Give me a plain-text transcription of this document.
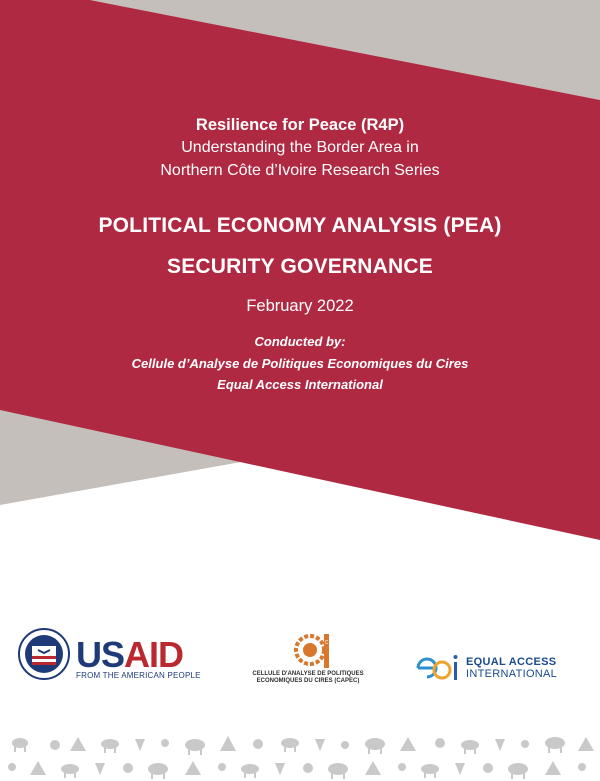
Resilience for Peace (R4P)
Understanding the Border Area in
Northern Côte d’Ivoire Research Series
POLITICAL ECONOMY ANALYSIS (PEA)
SECURITY GOVERNANCE
February 2022
Conducted by:
Cellule d’Analyse de Politiques Economiques du Cires
Equal Access International
USAID
FROM THE AMERICAN PEOPLE
C
CELLULE D'ANALYSE DE POLITIQUES
ECONOMIQUES DU CIRES (CAPEC)
EQUAL ACCESS
INTERNATIONAL
